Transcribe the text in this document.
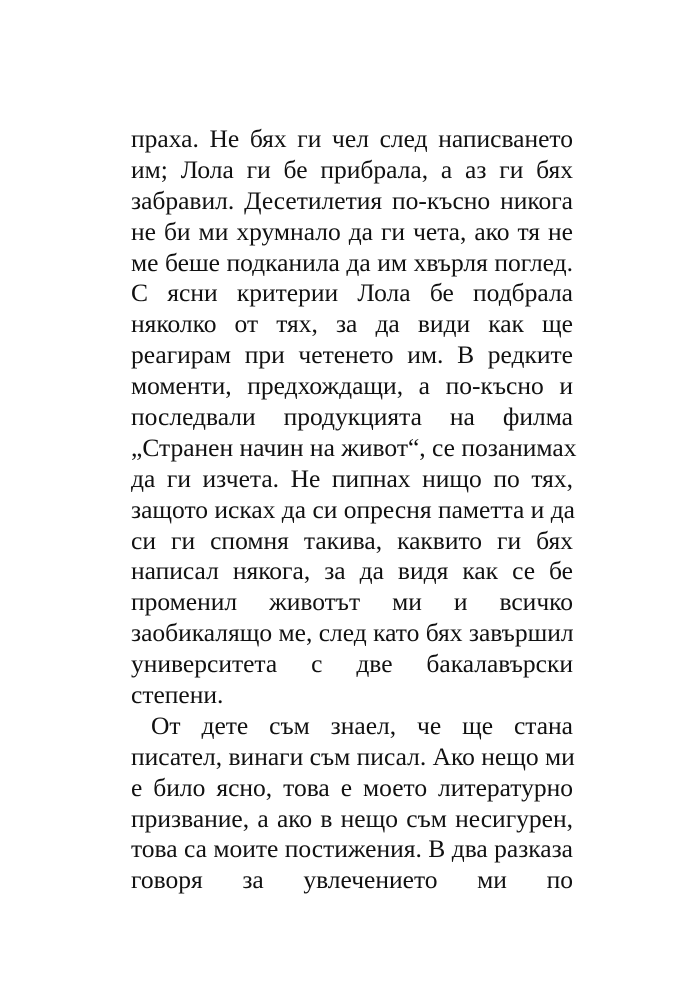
праха. Не бях ги чел след написването
им; Лола ги бе прибрала, а аз ги бях
забравил. Десетилетия по-късно никога
не би ми хрумнало да ги чета, ако тя не
ме беше подканила да им хвърля поглед.
С ясни критерии Лола бе подбрала
няколко от тях, за да види как ще
реагирам при четенето им. В редките
моменти, предхождащи, а по-късно и
последвали продукцията на филма
„Странен начин на живот“, се позанимах
да ги изчета. Не пипнах нищо по тях,
защото исках да си опресня паметта и да
си ги спомня такива, каквито ги бях
написал някога, за да видя как се бе
променил животът ми и всичко
заобикалящо ме, след като бях завършил
университета с две бакалавърски
степени.
От дете съм знаел, че ще стана
писател, винаги съм писал. Ако нещо ми
е било ясно, това е моето литературно
призвание, а ако в нещо съм несигурен,
това са моите постижения. В два разказа
говоря за увлечението ми по
